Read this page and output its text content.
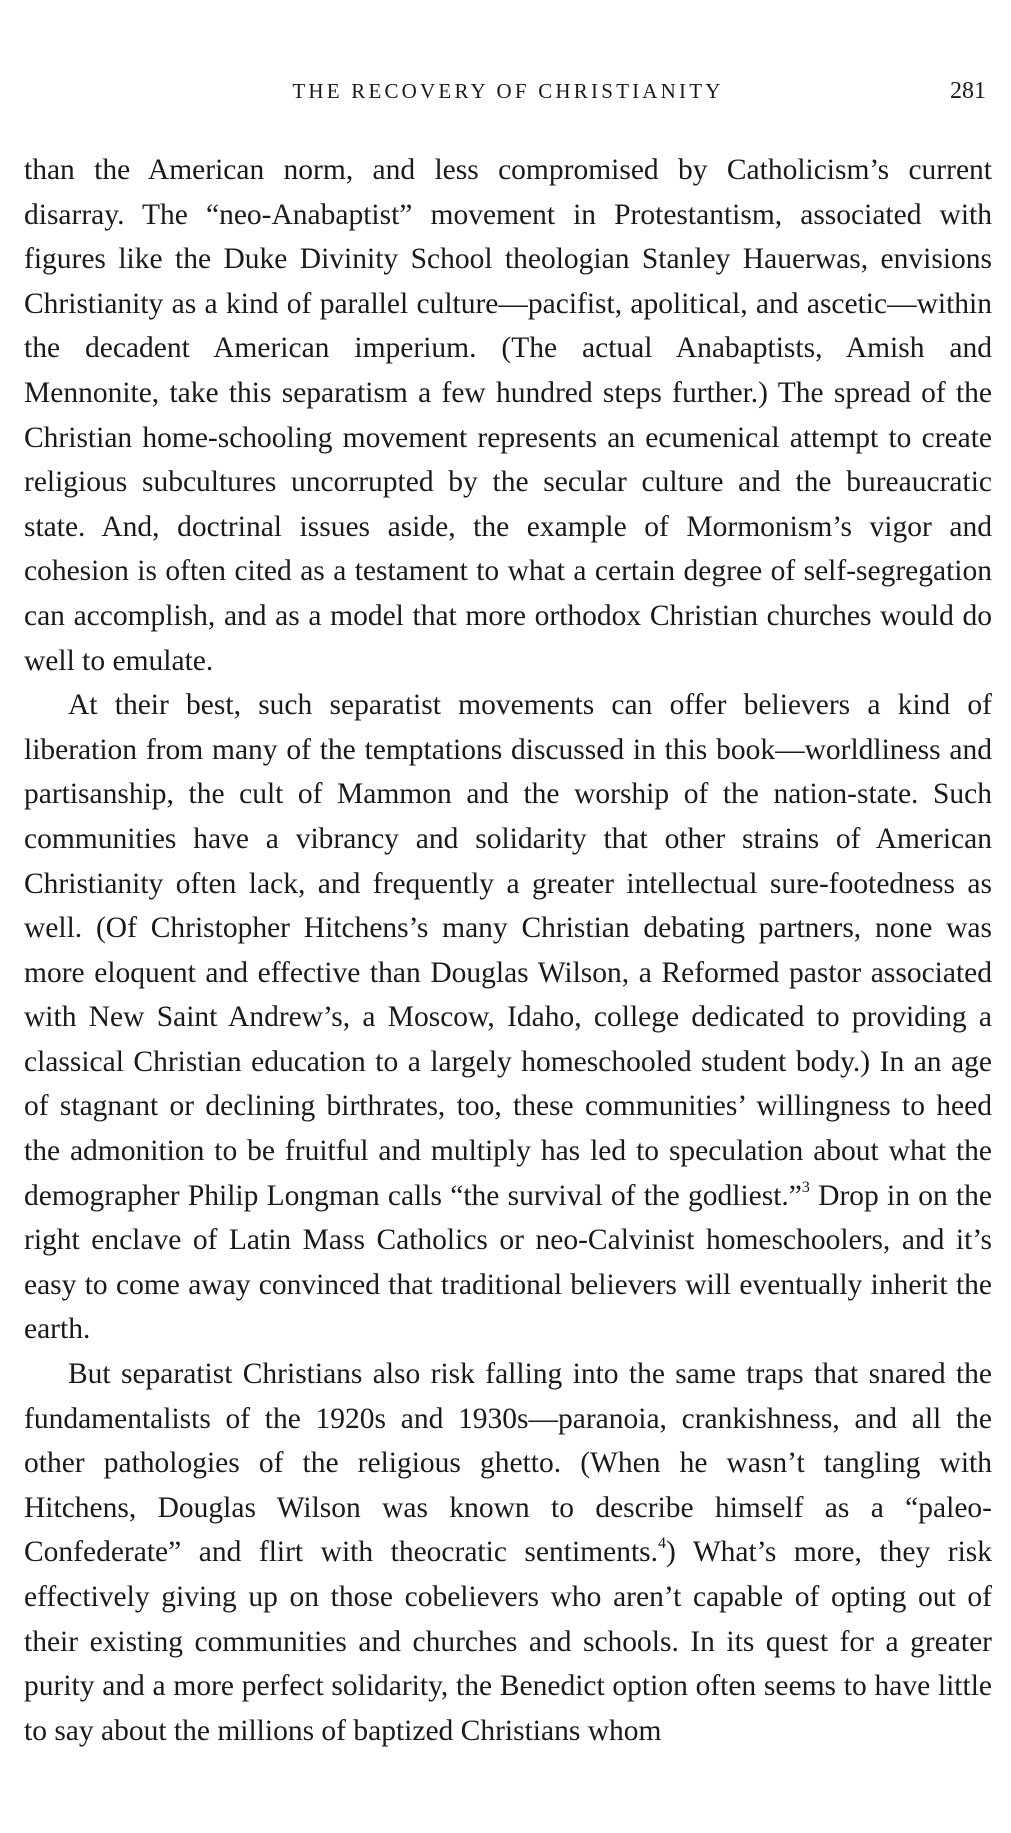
THE RECOVERY OF CHRISTIANITY	281

than the American norm, and less compromised by Catholicism’s current disarray. The “neo-Anabaptist” movement in Protestantism, associated with figures like the Duke Divinity School theologian Stanley Hauerwas, envisions Christianity as a kind of parallel culture—pacifist, apolitical, and ascetic—within the decadent American imperium. (The actual Anabaptists, Amish and Mennonite, take this separatism a few hundred steps further.) The spread of the Christian home-schooling movement represents an ecumenical attempt to create religious subcultures uncorrupted by the secular culture and the bureaucratic state. And, doctrinal issues aside, the example of Mormonism’s vigor and cohesion is often cited as a testament to what a certain degree of self-segregation can accomplish, and as a model that more orthodox Christian churches would do well to emulate.

At their best, such separatist movements can offer believers a kind of liberation from many of the temptations discussed in this book—worldliness and partisanship, the cult of Mammon and the worship of the nation-state. Such communities have a vibrancy and solidarity that other strains of American Christianity often lack, and frequently a greater intellectual sure-footedness as well. (Of Christopher Hitchens’s many Christian debating partners, none was more eloquent and effective than Douglas Wilson, a Reformed pastor associated with New Saint Andrew’s, a Moscow, Idaho, college dedicated to providing a classical Christian education to a largely homeschooled student body.) In an age of stagnant or declining birthrates, too, these communities’ willingness to heed the admonition to be fruitful and multiply has led to speculation about what the demographer Philip Longman calls “the survival of the godliest.”$^3$ Drop in on the right enclave of Latin Mass Catholics or neo-Calvinist homeschoolers, and it’s easy to come away convinced that traditional believers will eventually inherit the earth.

But separatist Christians also risk falling into the same traps that snared the fundamentalists of the 1920s and 1930s—paranoia, crankishness, and all the other pathologies of the religious ghetto. (When he wasn’t tangling with Hitchens, Douglas Wilson was known to describe himself as a “paleo-Confederate” and flirt with theocratic sentiments.$^4$) What’s more, they risk effectively giving up on those cobelievers who aren’t capable of opting out of their existing communities and churches and schools. In its quest for a greater purity and a more perfect solidarity, the Benedict option often seems to have little to say about the millions of baptized Christians whom
